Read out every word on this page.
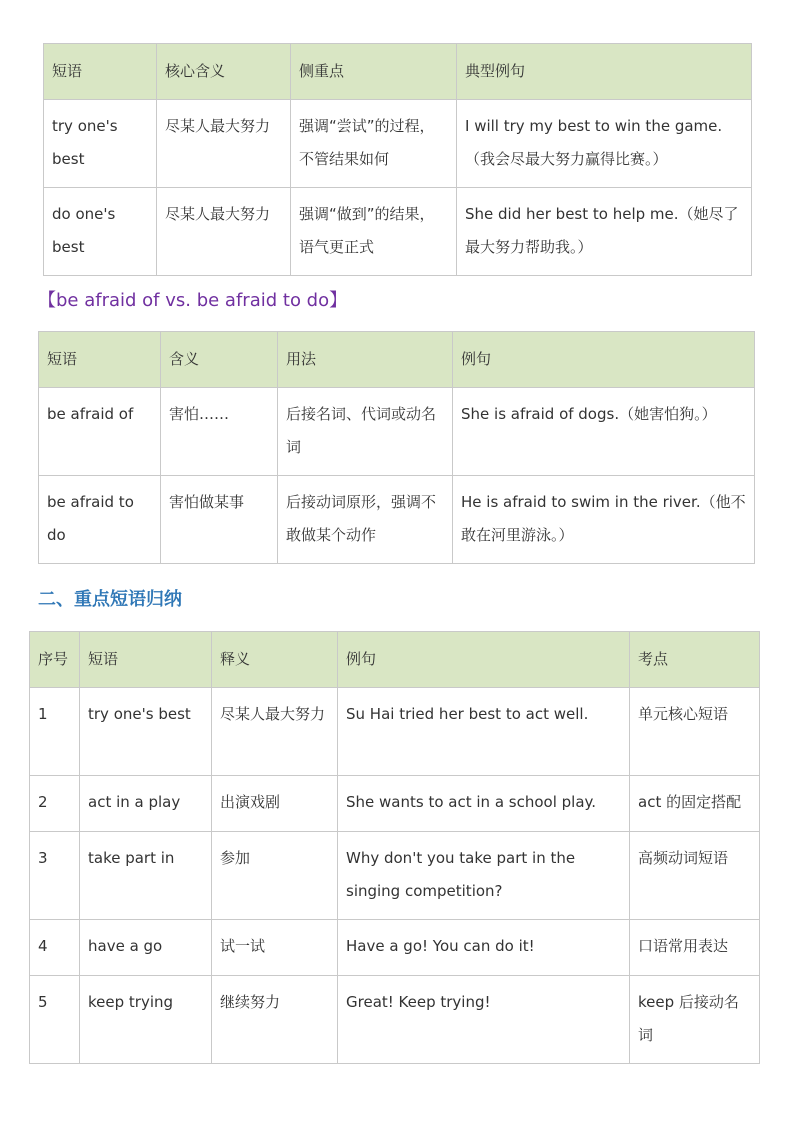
短语	核心含义	侧重点	典型例句
try one's best	尽某人最大努力	强调“尝试”的过程，不管结果如何	I will try my best to win the game.（我会尽最大努力赢得比赛。）
do one's best	尽某人最大努力	强调“做到”的结果，语气更正式	She did her best to help me.（她尽了最大努力帮助我。）
【be afraid of vs. be afraid to do】
短语	含义	用法	例句
be afraid of	害怕……	后接名词、代词或动名词	She is afraid of dogs.（她害怕狗。）
be afraid to do	害怕做某事	后接动词原形，强调不敢做某个动作	He is afraid to swim in the river.（他不敢在河里游泳。）
二、重点短语归纳
序号	短语	释义	例句	考点
1	try one's best	尽某人最大努力	Su Hai tried her best to act well.	单元核心短语
2	act in a play	出演戏剧	She wants to act in a school play.	act 的固定搭配
3	take part in	参加	Why don't you take part in the singing competition?	高频动词短语
4	have a go	试一试	Have a go! You can do it!	口语常用表达
5	keep trying	继续努力	Great! Keep trying!	keep 后接动名词
